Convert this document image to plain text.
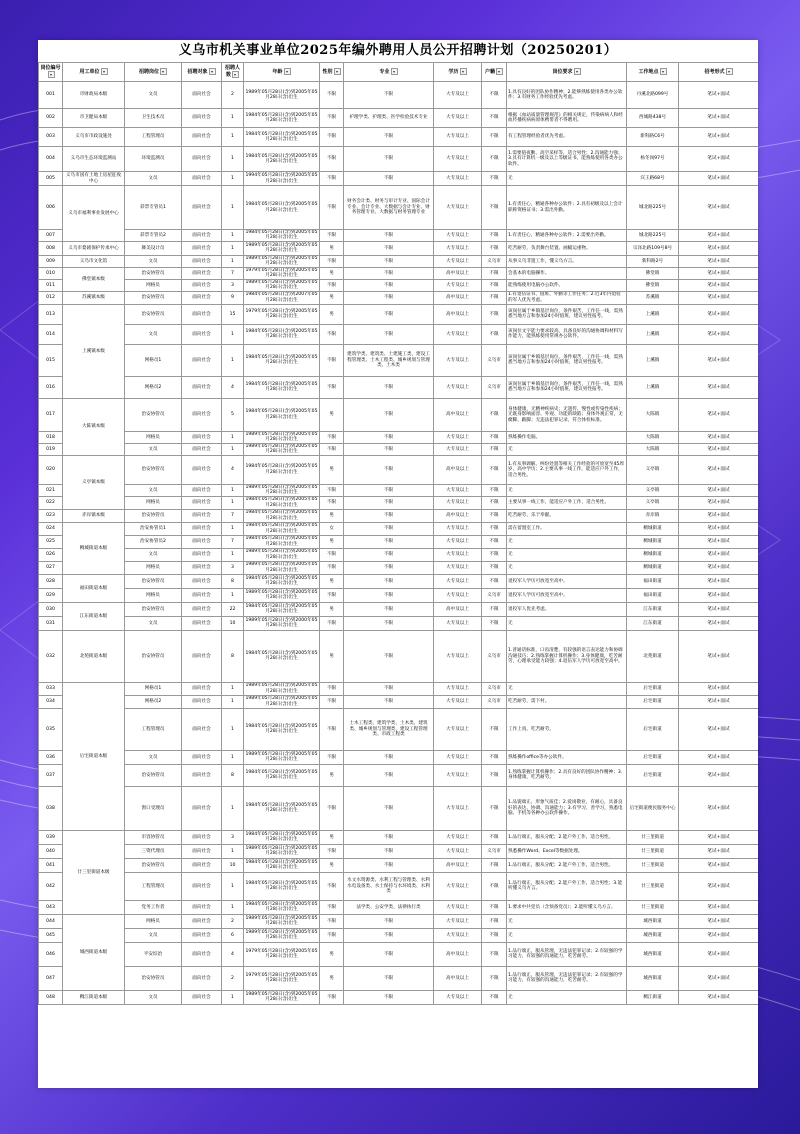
义乌市机关事业单位2025年编外聘用人员公开招聘计划（20250201）
岗位编号	用工单位	招聘岗位	招聘对象	招聘人数	年龄	性别	专业	学历	户籍	岗位要求	工作地点	招考形式
001	市财政局本级	文员	面向社会	2	1989年05月28日(含)到2005年05月28日(含)出生	不限	不限	大专及以上	不限	1.具有良好的团队协作精神；2.能够熟练使用各类办公软件；3.有财务工作经验优先考虑。	丹溪北路099号	笔试+面试
002	市卫健局本级	卫生技术员	面向社会	1	1984年05月28日(含)到2005年05月28日(含)出生	不限	护理学类、护理类、医学检验技术专业	大专及以上	不限	根据《血站质量管理规范》的相关规定，传染病病人和经血传播疾病病原体携带者不得聘用。	西城路438号	笔试+面试
003	义乌市市政设施处	工程管理员	面向社会	1	1984年05月28日(含)到2005年05月28日(含)出生	不限	不限	大专及以上	不限	有工程管理经验者优先考虑。	新科路C6号	笔试+面试
004	义乌市生态环境监测站	环境监测员	面向社会	1	1984年05月28日(含)到2005年05月28日(含)出生	不限	不限	大专及以上	不限	1.需要值夜勤、高空采样等，适合男性；2.沟通能力强；3.具有计算机一级及以上等级证书，能熟练使用各类办公软件。	杨冬岗97号	笔试+面试
005	义乌市国有土地上房屋征收中心	文员	面向社会	1	1994年05月28日(含)到2005年05月28日(含)出生	不限	不限	大专及以上	不限	无	宾王路68号	笔试+面试
006	义乌市福利事业发展中心	彩票专管员1	面向社会	1	1984年05月28日(含)到2005年05月28日(含)出生	不限	财务会计类、财务与审计专业、国际会计专业、会计专业、大数据与会计专业、财务管理专业、大数据与财务管理专业	大专及以上	不限	1.有责任心，精通各种办公软件；2.具有初级及以上会计职称资格证书；3.需出外勤。	城北路225号	笔试+面试
007		彩票专管员2	面向社会	1	1984年05月28日(含)到2005年05月28日(含)出生	不限	不限	大专及以上	不限	1.有责任心，精通各种办公软件；2.需要出外勤。	城北路225号	笔试+面试
008	义乌市婺剧保护传承中心	舞美设计员	面向社会	1	1989年05月28日(含)到2005年05月28日(含)出生	男	不限	大专及以上	不限	吃苦耐劳，负责舞台装置、画幅运重物。	宗泽北路109号8号	笔试+面试
009	义乌市文化馆	文员	面向社会	1	1989年05月28日(含)到2005年05月28日(含)出生	不限	不限	大专及以上	义乌市	从事义乌非遗工作，懂义乌方言。	新科路2号	笔试+面试
010	佛堂镇本级	治安协管员	面向社会	7	1979年05月28日(含)到2005年05月28日(含)出生	男	不限	高中及以上	不限	会基本的电脑操作。	佛堂镇	笔试+面试
011		网格员	面向社会	3	1989年05月28日(含)到2005年05月28日(含)出生	不限	不限	大专及以上	不限	能熟练使用电脑办公软件。	佛堂镇	笔试+面试
012	苏溪镇本级	治安协管员	面向社会	9	1984年05月28日(含)到2007年05月28日(含)出生	男	不限	高中及以上	不限	1.有退伍证书、值班、外勤等工作任务；2.近3年内退役的军人优先考虑。	苏溪镇	笔试+面试
013	上溪镇本级	治安协管员	面向社会	15	1979年05月28日(含)到2005年05月28日(含)出生	男	不限	高中及以上	不限	该岗位属于乡镇基层岗位，条件艰苦，工作任一线，需熟悉当地方言和参加24小时值班，建议男性报考。	上溪镇	笔试+面试
014		文员	面向社会	1	1984年05月28日(含)到2005年05月28日(含)出生	不限	不限	大专及以上	不限	该岗位文字能力要求较高，具备良好的沟通协调和材料写作能力，能熟练使用常规办公软件。	上溪镇	笔试+面试
015		网格员1	面向社会	1	1984年05月28日(含)到2005年05月28日(含)出生	不限	建筑学类、建筑类、土建施工类、建设工程管理类、土木工程类、城乡规划与管理类、土木类	大专及以上	义乌市	该岗位属于乡镇基层岗位，条件艰苦，工作任一线，需熟悉当地方言和参加24小时值班，建议男性报考。	上溪镇	笔试+面试
016		网格员2	面向社会	4	1984年05月28日(含)到2005年05月28日(含)出生	不限	不限	大专及以上	义乌市	该岗位属于乡镇基层岗位，条件艰苦，工作任一线，需熟悉当地方言和参加24小时值班，建议男性报考。	上溪镇	笔试+面试
017	大陈镇本级	治安协管员	面向社会	5	1984年05月28日(含)到2005年05月28日(含)出生	男	不限	高中及以上	不限	身体健康，无精神疾病史；无遗传、慢性或传染性疾病；无既身影响面容、外观、功能的缺陷；身体外观正常，无瘸脚、跛脚；无违法犯罪记录，符合体检标准。	大陈镇	笔试+面试
018		网格员	面向社会	1	1989年05月28日(含)到2005年05月28日(含)出生	不限	不限	大专及以上	不限	熟练操作电脑。	大陈镇	笔试+面试
019		文员	面向社会	1	1989年05月28日(含)到2005年05月28日(含)出生	不限	不限	大专及以上	不限	无	大陈镇	笔试+面试
020	义亭镇本级	治安协管员	面向社会	4	1984年05月28日(含)到2005年05月28日(含)出生	男	不限	高中及以上	不限	1.有从事调解、纠纷处置等相关工作经验的可放宽至45周岁、高中学历；2.主要从事一线工作，能适应户外工作，适合男性。	义亭镇	笔试+面试
021		文员	面向社会	1	1989年05月28日(含)到2005年05月28日(含)出生	不限	不限	大专及以上	不限	无	义亭镇	笔试+面试
022		网格员	面向社会	1	1984年05月28日(含)到2005年05月28日(含)出生	不限	不限	大专及以上	不限	主要从事一线工作，能适应户外工作，适合男性。	义亭镇	笔试+面试
023	赤岸镇本级	治安协管员	面向社会	7	1984年05月28日(含)到2005年05月28日(含)出生	男	不限	高中及以上	不限	吃苦耐劳、乐于奉献。	赤岸镇	笔试+面试
024	稠城街道本级	治安协管员1	面向社会	1	1984年05月28日(含)到2005年05月28日(含)出生	女	不限	大专及以上	不限	需在留置室工作。	稠城街道	笔试+面试
025		治安协管员2	面向社会	7	1984年05月28日(含)到2005年05月28日(含)出生	男	不限	大专及以上	不限	无	稠城街道	笔试+面试
026		文员	面向社会	1	1989年05月28日(含)到2005年05月28日(含)出生	不限	不限	大专及以上	不限	无	稠城街道	笔试+面试
027		网格员	面向社会	3	1989年05月28日(含)到2005年05月28日(含)出生	不限	不限	大专及以上	不限	无	稠城街道	笔试+面试
028	福田街道本级	治安协管员	面向社会	8	1984年05月28日(含)到2005年05月28日(含)出生	男	不限	大专及以上	不限	退役军人学历可放宽至高中。	福田街道	笔试+面试
029		网格员	面向社会	1	1989年05月28日(含)到2005年05月28日(含)出生	不限	不限	大专及以上	义乌市	退役军人学历可放宽至高中。	福田街道	笔试+面试
030	江东街道本级	治安协管员	面向社会	22	1984年05月28日(含)到2005年05月28日(含)出生	男	不限	高中及以上	不限	退役军人优先考虑。	江东街道	笔试+面试
031		文员	面向社会	10	1989年05月28日(含)到2000年05月28日(含)出生	不限	不限	大专及以上	不限	无	江东街道	笔试+面试
032	北苑街道本级	治安协管员	面向社会	8	1984年05月28日(含)到2005年05月28日(含)出生	男	不限	大专及以上	义乌市	1.普通话标准，口齿清楚，有较强的语言表达能力和协调沟通技巧；2.熟练掌握计算机操作；3.身体健康，吃苦耐劳，心理承受能力较强；4.退伍军人学历可放宽至高中。	北苑街道	笔试+面试
033	后宅街道本级	网格员1	面向社会	1	1989年05月28日(含)到2005年05月28日(含)出生	不限	不限	大专及以上	义乌市	无	后宅街道	笔试+面试
034		网格员2	面向社会	1	1989年05月28日(含)到2005年05月28日(含)出生	不限	不限	大专及以上	义乌市	吃苦耐劳，需下村。	后宅街道	笔试+面试
035		工程管理员	面向社会	1	1984年05月28日(含)到2005年05月28日(含)出生	不限	土木工程类、建筑学类、土木类、建筑类、城乡规划与管理类、建设工程管理类、市政工程类	大专及以上	不限	工作上真，吃苦耐劳。	后宅街道	笔试+面试
036		文员	面向社会	1	1989年05月28日(含)到2005年05月28日(含)出生	不限	不限	大专及以上	不限	熟练操作office等办公软件。	后宅街道	笔试+面试
037		治安协管员	面向社会	8	1984年05月28日(含)到2005年05月28日(含)出生	男	不限	大专及以上	不限	1.熟练掌握计算机操作；2.具有良好的团队协作精神；3.身体健康，吃苦耐劳。	后宅街道	笔试+面试
038		窗口受理员	面向社会	1	1984年05月28日(含)到2005年05月28日(含)出生	不限	不限	大专及以上	不限	1.品貌端正，形象气质佳；2.爱岗敬业，有耐心，具备良好的表达、协调、沟通能力；3.有学习、善学习，熟悉电脑、手机等各种办公软件操作。	后宅街道便民服务中心	笔试+面试
039	廿三里街道本级	市容协管员	面向社会	3	1984年05月28日(含)到2005年05月28日(含)出生	男	不限	大专及以上	不限	1.品行端正，服从分配；2.能户外工作，适合男性。	廿三里街道	笔试+面试
040		三资代理员	面向社会	1	1989年05月28日(含)到2005年05月28日(含)出生	不限	不限	大专及以上	义乌市	熟悉操作Word、Excel等数据处理。	廿三里街道	笔试+面试
041		治安协管员	面向社会	10	1984年05月28日(含)到2005年05月28日(含)出生	男	不限	高中及以上	不限	1.品行端正，服从分配；2.能户外工作，适合男性。	廿三里街道	笔试+面试
042		工程管理员	面向社会	1	1984年05月28日(含)到2005年05月28日(含)出生	不限	水文水资源类、水利工程与管理类、水利水电设备类、水土保持与水环境类、水利类	大专及以上	不限	1.品行端正，服从分配；2.能户外工作，适合男性；3.能听懂义乌方言。	廿三里街道	笔试+面试
043		党务工作者	面向社会	1	1984年05月28日(含)到2005年05月28日(含)出生	不限	法学类、公安学类、法律执行类	大专及以上	不限	1.要求中共党员（含预备党员）；2.能听懂义乌方言。	廿三里街道	笔试+面试
044	城西街道本级	网格员	面向社会	2	1989年05月28日(含)到2005年05月28日(含)出生	不限	不限	大专及以上	不限	无	城西街道	笔试+面试
045		文员	面向社会	6	1989年05月28日(含)到2005年05月28日(含)出生	不限	不限	大专及以上	不限	无	城西街道	笔试+面试
046		平安综治	面向社会	4	1979年05月28日(含)到2005年05月28日(含)出生	男	不限	高中及以上	不限	1.品行端正，服从管理，无违法犯罪记录；2.有较强的学习能力，有较强的沟通能力，吃苦耐劳。	城西街道	笔试+面试
047		治安协管员	面向社会	2	1979年05月28日(含)到2005年05月28日(含)出生	男	不限	高中及以上	不限	1.品行端正，服从管理，无违法犯罪记录；2.有较强的学习能力，有较强的沟通能力，吃苦耐劳。	城西街道	笔试+面试
048	稠江街道本级	文员	面向社会	1	1989年05月28日(含)到2005年05月28日(含)出生	不限	不限	大专及以上	不限	无	稠江街道	笔试+面试
